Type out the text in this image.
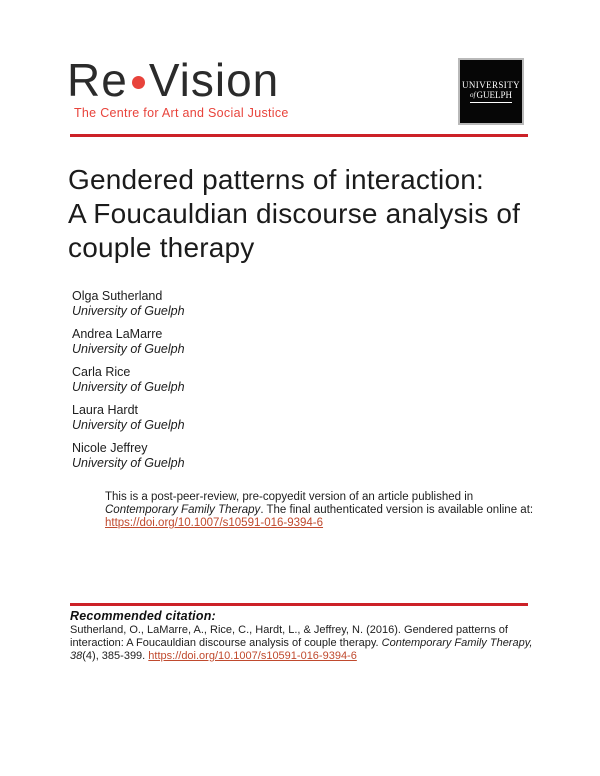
Re Vision
The Centre for Art and Social Justice
UNIVERSITY
ofGUELPH
Gendered patterns of interaction:
A Foucauldian discourse analysis of
couple therapy
Olga Sutherland
University of Guelph
Andrea LaMarre
University of Guelph
Carla Rice
University of Guelph
Laura Hardt
University of Guelph
Nicole Jeffrey
University of Guelph
This is a post-peer-review, pre-copyedit version of an article published in Contemporary Family Therapy. The final authenticated version is available online at: https://doi.org/10.1007/s10591-016-9394-6
Recommended citation:
Sutherland, O., LaMarre, A., Rice, C., Hardt, L., & Jeffrey, N. (2016). Gendered patterns of interaction: A Foucauldian discourse analysis of couple therapy. Contemporary Family Therapy, 38(4), 385-399. https://doi.org/10.1007/s10591-016-9394-6
